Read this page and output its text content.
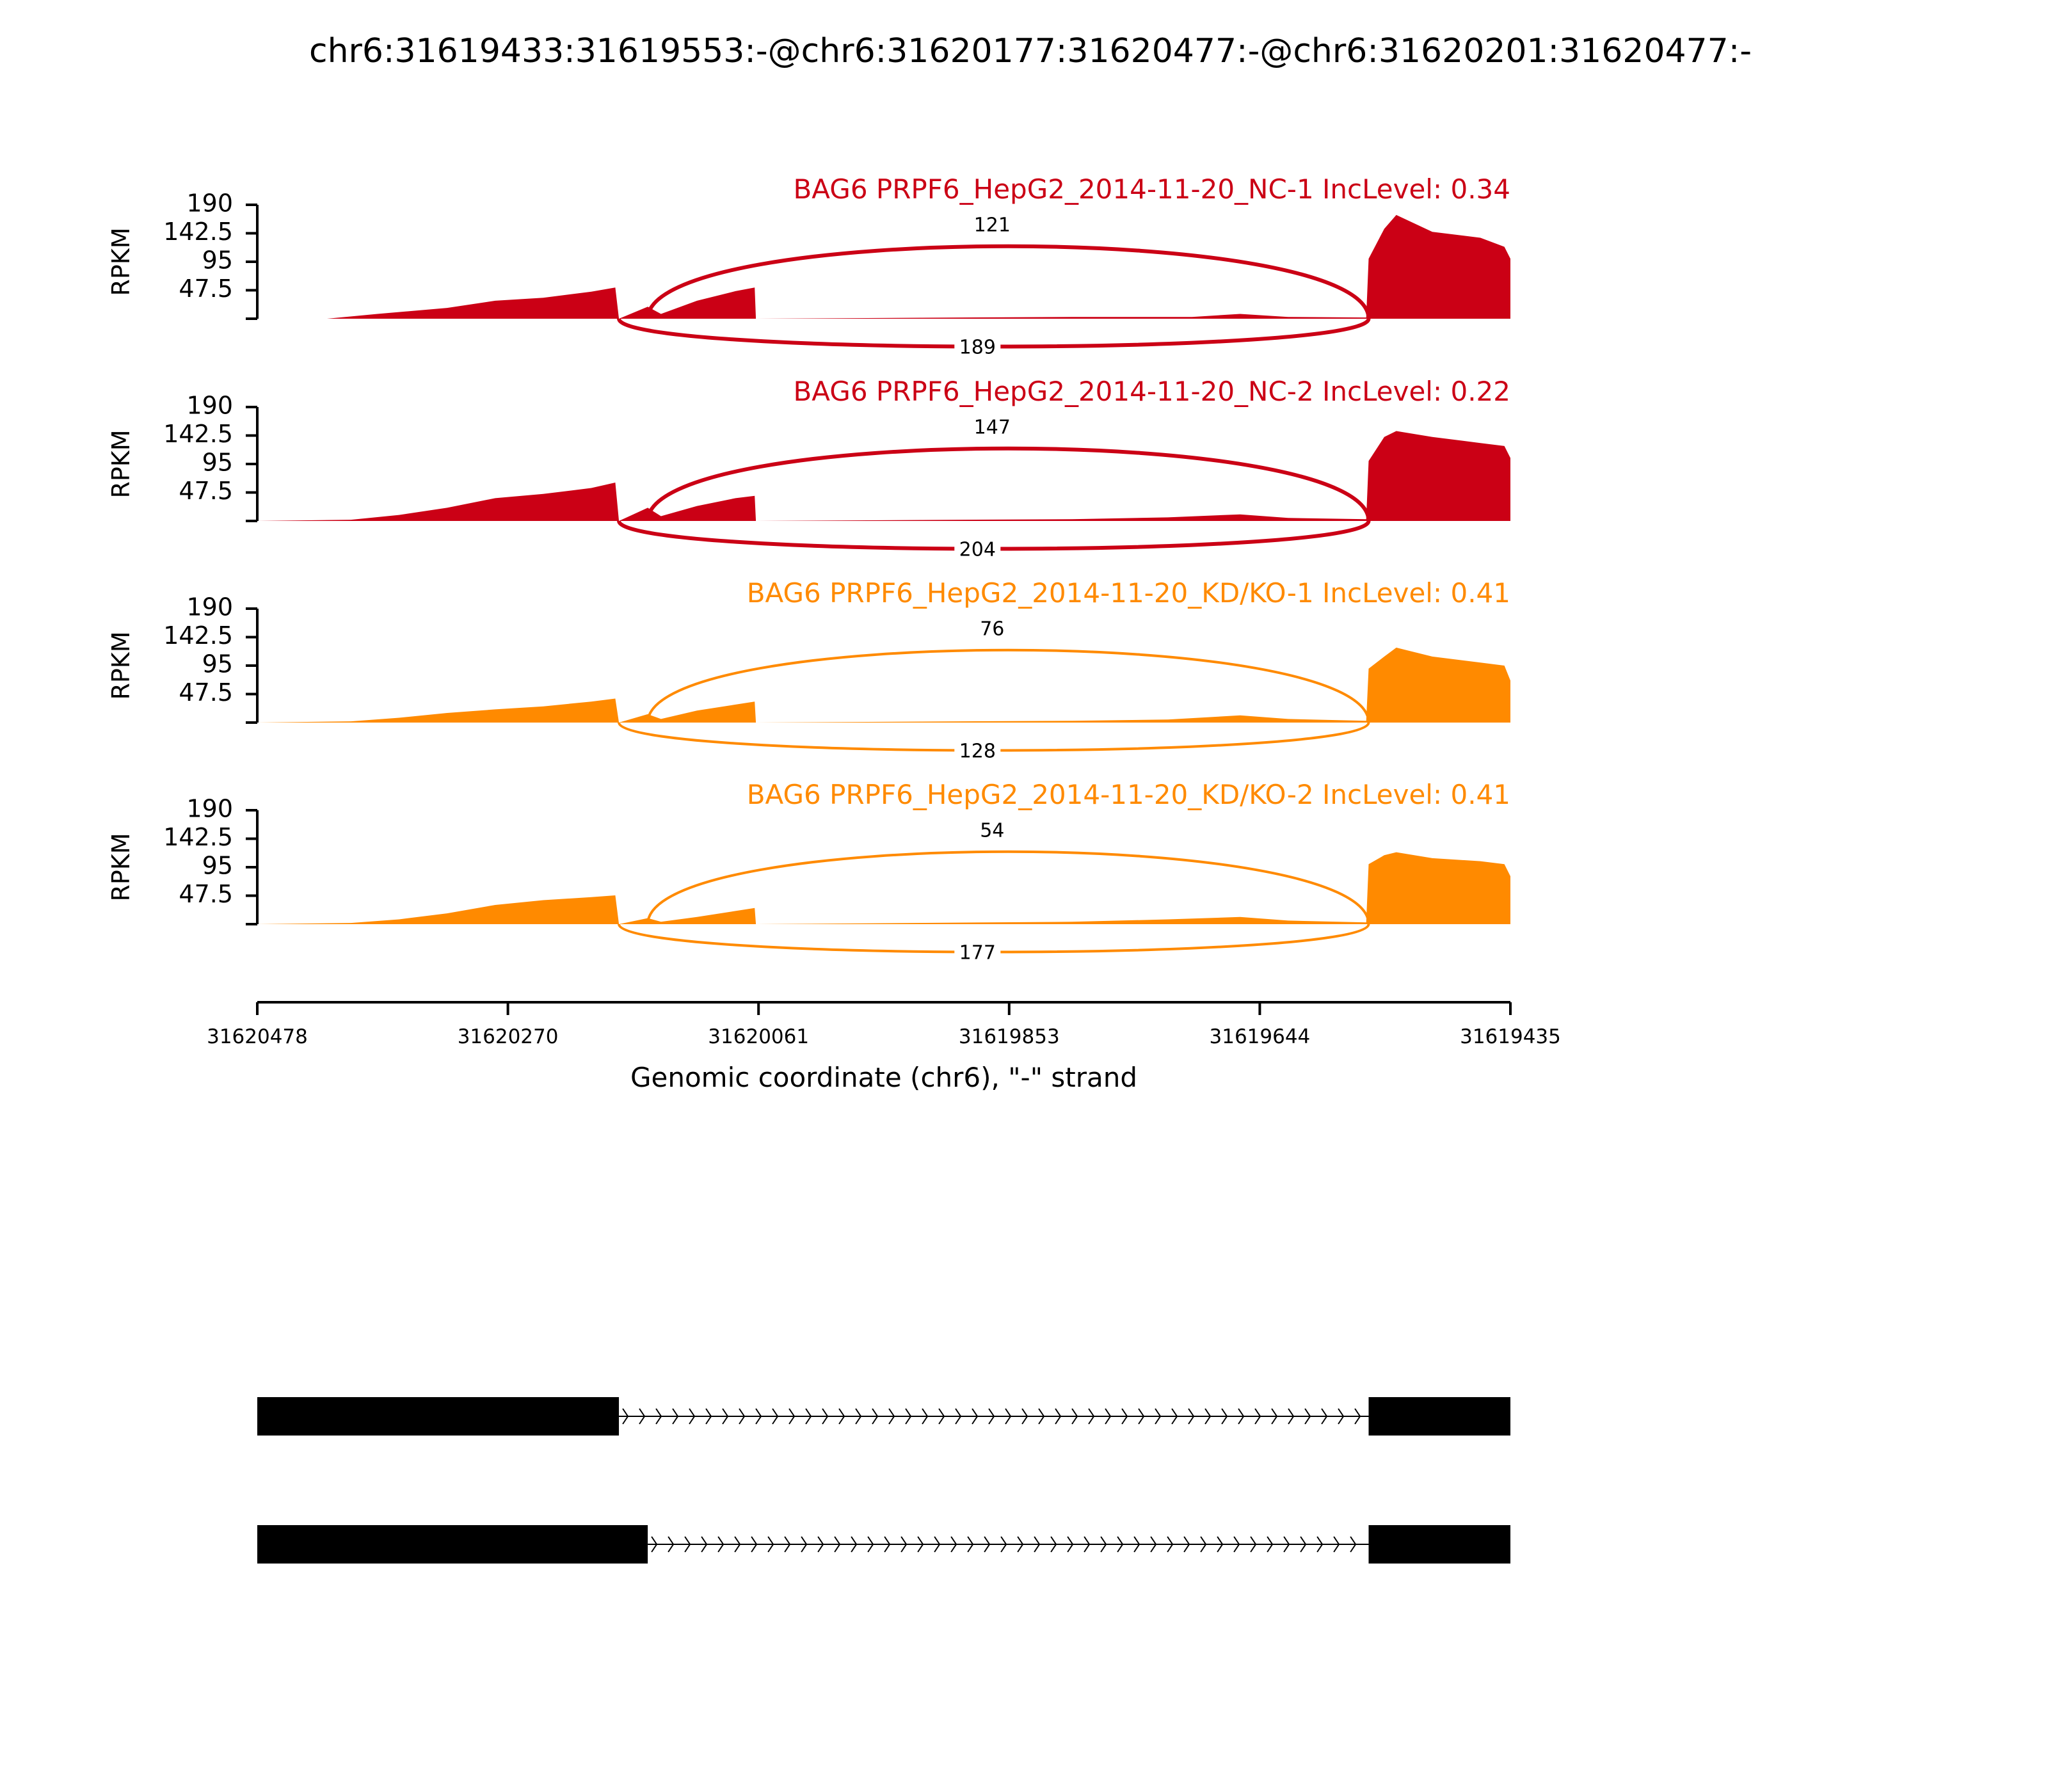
chr6:31619433:31619553:-@chr6:31620177:31620477:-@chr6:31620201:31620477:-
190
142.5
95
47.5
RPKM
121
189
BAG6 PRPF6_HepG2_2014-11-20_NC-1 IncLevel: 0.34
190
142.5
95
47.5
RPKM
147
204
BAG6 PRPF6_HepG2_2014-11-20_NC-2 IncLevel: 0.22
190
142.5
95
47.5
RPKM
76
128
BAG6 PRPF6_HepG2_2014-11-20_KD/KO-1 IncLevel: 0.41
190
142.5
95
47.5
RPKM
54
177
BAG6 PRPF6_HepG2_2014-11-20_KD/KO-2 IncLevel: 0.41
31620478	31620270	31620061	31619853	31619644	31619435
Genomic coordinate (chr6), "-" strand
